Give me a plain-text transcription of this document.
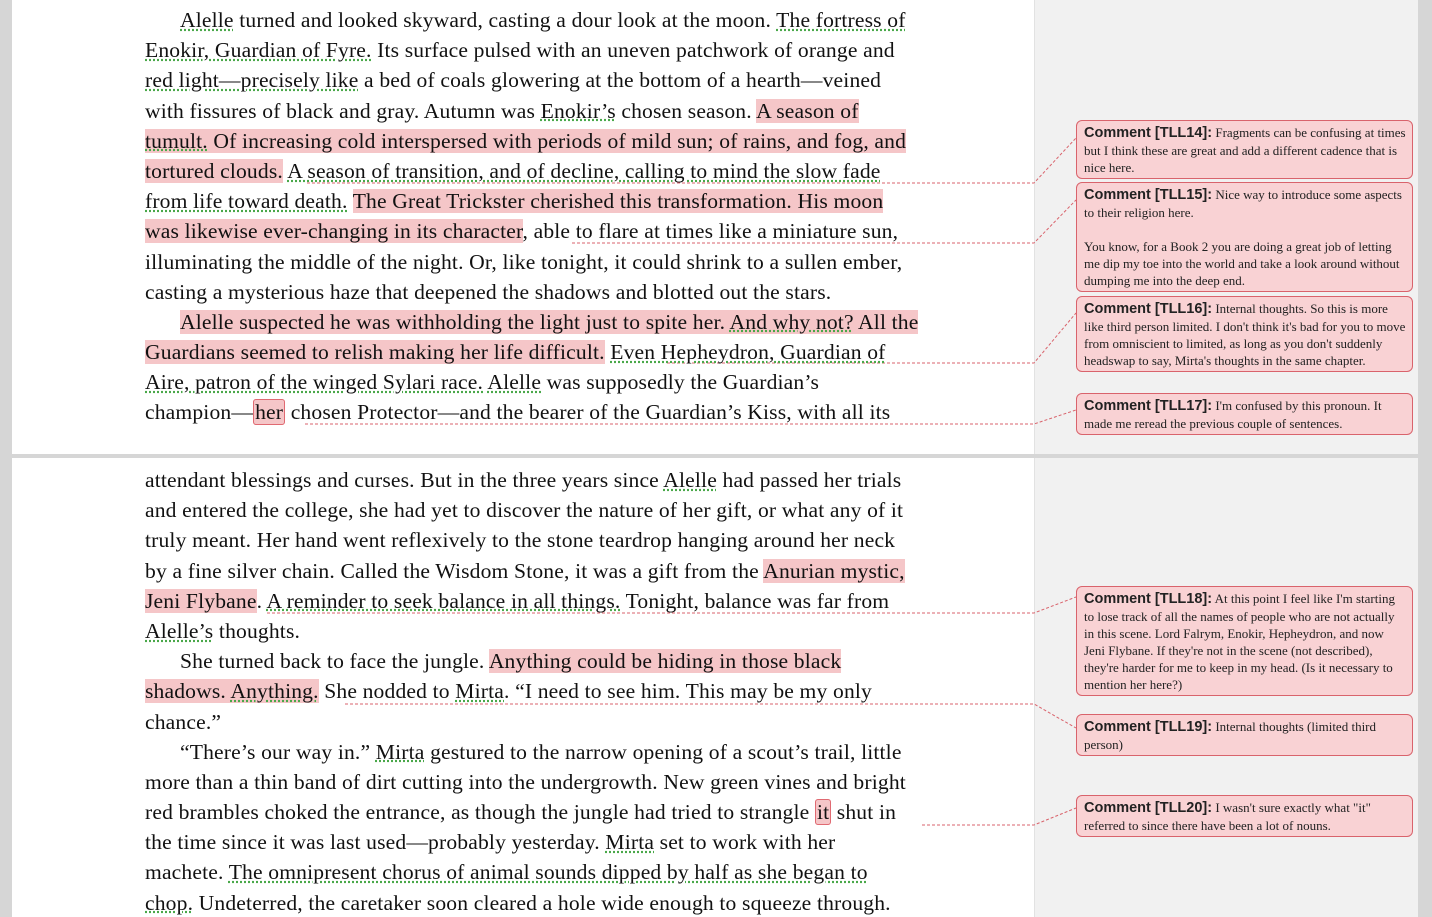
Alelle turned and looked skyward, casting a dour look at the moon. The fortress of
Enokir, Guardian of Fyre. Its surface pulsed with an uneven patchwork of orange and
red light—precisely like a bed of coals glowering at the bottom of a hearth—veined
with fissures of black and gray. Autumn was Enokir’s chosen season. A season of
tumult. Of increasing cold interspersed with periods of mild sun; of rains, and fog, and
tortured clouds. A season of transition, and of decline, calling to mind the slow fade
from life toward death. The Great Trickster cherished this transformation. His moon
was likewise ever-changing in its character, able to flare at times like a miniature sun,
illuminating the middle of the night. Or, like tonight, it could shrink to a sullen ember,
casting a mysterious haze that deepened the shadows and blotted out the stars.
Alelle suspected he was withholding the light just to spite her. And why not? All the
Guardians seemed to relish making her life difficult. Even Hepheydron, Guardian of
Aire, patron of the winged Sylari race. Alelle was supposedly the Guardian’s
champion—her chosen Protector—and the bearer of the Guardian’s Kiss, with all its

Comment [TLL14]: Fragments can be confusing at times but I think these are great and add a different cadence that is nice here.

Comment [TLL15]: Nice way to introduce some aspects to their religion here.

You know, for a Book 2 you are doing a great job of letting me dip my toe into the world and take a look around without dumping me into the deep end.

Comment [TLL16]: Internal thoughts. So this is more like third person limited. I don't think it's bad for you to move from omniscient to limited, as long as you don't suddenly headswap to say, Mirta's thoughts in the same chapter.

Comment [TLL17]: I'm confused by this pronoun. It made me reread the previous couple of sentences.

attendant blessings and curses. But in the three years since Alelle had passed her trials
and entered the college, she had yet to discover the nature of her gift, or what any of it
truly meant. Her hand went reflexively to the stone teardrop hanging around her neck
by a fine silver chain. Called the Wisdom Stone, it was a gift from the Anurian mystic,
Jeni Flybane. A reminder to seek balance in all things. Tonight, balance was far from
Alelle’s thoughts.
She turned back to face the jungle. Anything could be hiding in those black
shadows. Anything. She nodded to Mirta. “I need to see him. This may be my only
chance.”
“There’s our way in.” Mirta gestured to the narrow opening of a scout’s trail, little
more than a thin band of dirt cutting into the undergrowth. New green vines and bright
red brambles choked the entrance, as though the jungle had tried to strangle it shut in
the time since it was last used—probably yesterday. Mirta set to work with her
machete. The omnipresent chorus of animal sounds dipped by half as she began to
chop. Undeterred, the caretaker soon cleared a hole wide enough to squeeze through.

Comment [TLL18]: At this point I feel like I'm starting to lose track of all the names of people who are not actually in this scene. Lord Falrym, Enokir, Hepheydron, and now Jeni Flybane. If they're not in the scene (not described), they're harder for me to keep in my head. (Is it necessary to mention her here?)

Comment [TLL19]: Internal thoughts (limited third person)

Comment [TLL20]: I wasn't sure exactly what "it" referred to since there have been a lot of nouns.
